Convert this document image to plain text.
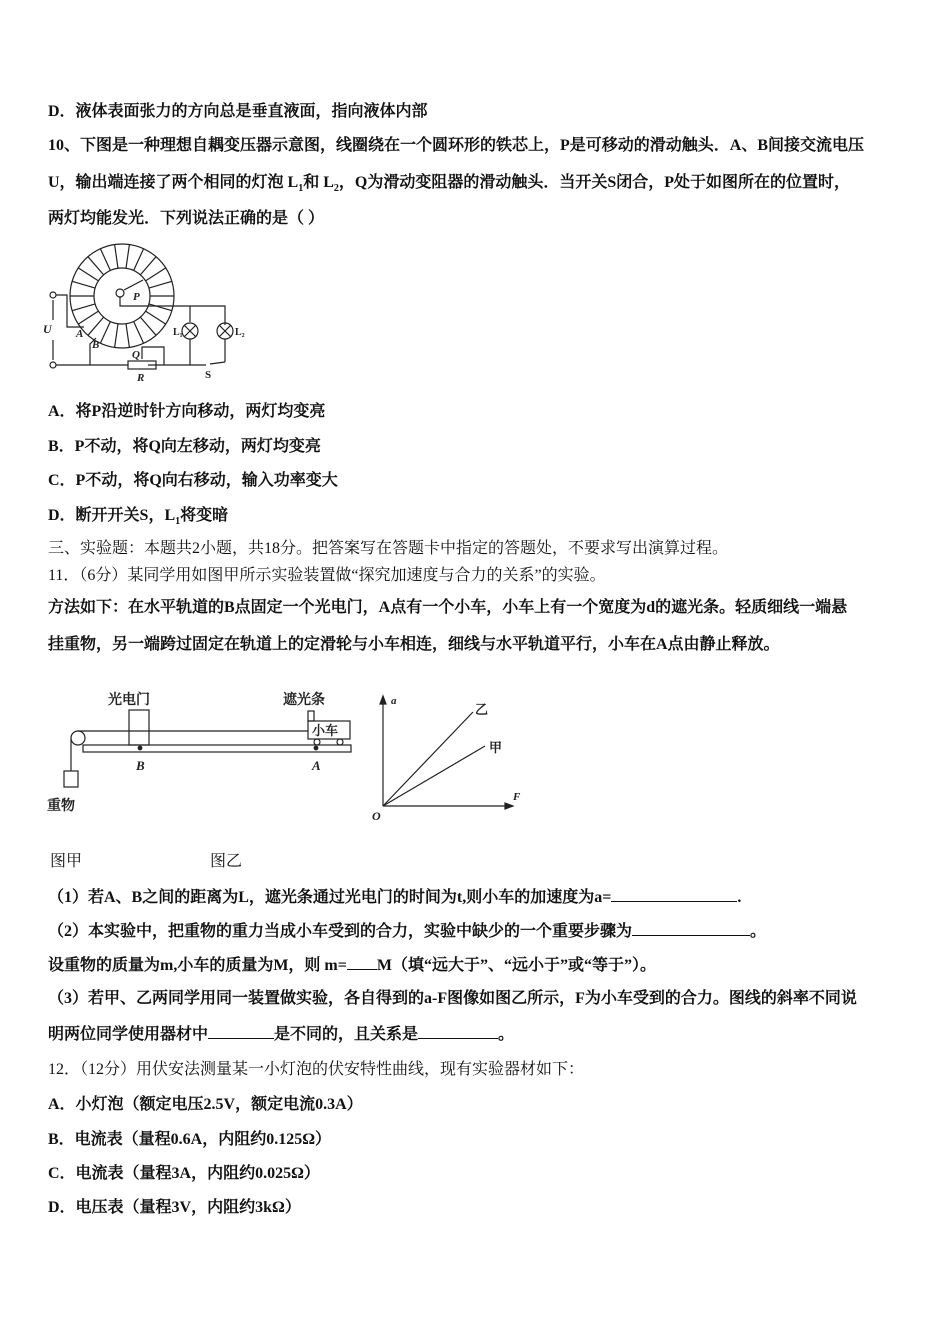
D．液体表面张力的方向总是垂直液面，指向液体内部
10、下图是一种理想自耦变压器示意图，线圈绕在一个圆环形的铁芯上，P是可移动的滑动触头．A、B间接交流电压
U，输出端连接了两个相同的灯泡 $L_1$和 $L_2$，Q为滑动变阻器的滑动触头．当开关S闭合，P处于如图所在的位置时，
两灯均能发光．下列说法正确的是（ ）
P
U A
B
Q
R
L₁	L₂
S
A．将P沿逆时针方向移动，两灯均变亮
B．P不动，将Q向左移动，两灯均变亮
C．P不动，将Q向右移动，输入功率变大
D．断开开关S，$L_1$将变暗
三、实验题：本题共2小题，共18分。把答案写在答题卡中指定的答题处，不要求写出演算过程。
11．（6分）某同学用如图甲所示实验装置做“探究加速度与合力的关系”的实验。
方法如下：在水平轨道的B点固定一个光电门，A点有一个小车，小车上有一个宽度为d的遮光条。轻质细线一端悬
挂重物，另一端跨过固定在轨道上的定滑轮与小车相连，细线与水平轨道平行，小车在A点由静止释放。
光电门	遮光条
小车
B	A
重物
a
F
O
乙
甲
图甲	图乙
（1）若A、B之间的距离为L，遮光条通过光电门的时间为t,则小车的加速度为a=	.
（2）本实验中，把重物的重力当成小车受到的合力，实验中缺少的一个重要步骤为	。
设重物的质量为m,小车的质量为M，则 m= M（填“远大于”、“远小于”或“等于”）。
（3）若甲、乙两同学用同一装置做实验，各自得到的a-F图像如图乙所示，F为小车受到的合力。图线的斜率不同说
明两位同学使用器材中	是不同的，且关系是	。
12．（12分）用伏安法测量某一小灯泡的伏安特性曲线，现有实验器材如下：
A．小灯泡（额定电压2.5V，额定电流0.3A）
B．电流表（量程0.6A，内阻约0.125Ω）
C．电流表（量程3A，内阻约0.025Ω）
D．电压表（量程3V，内阻约3kΩ）
